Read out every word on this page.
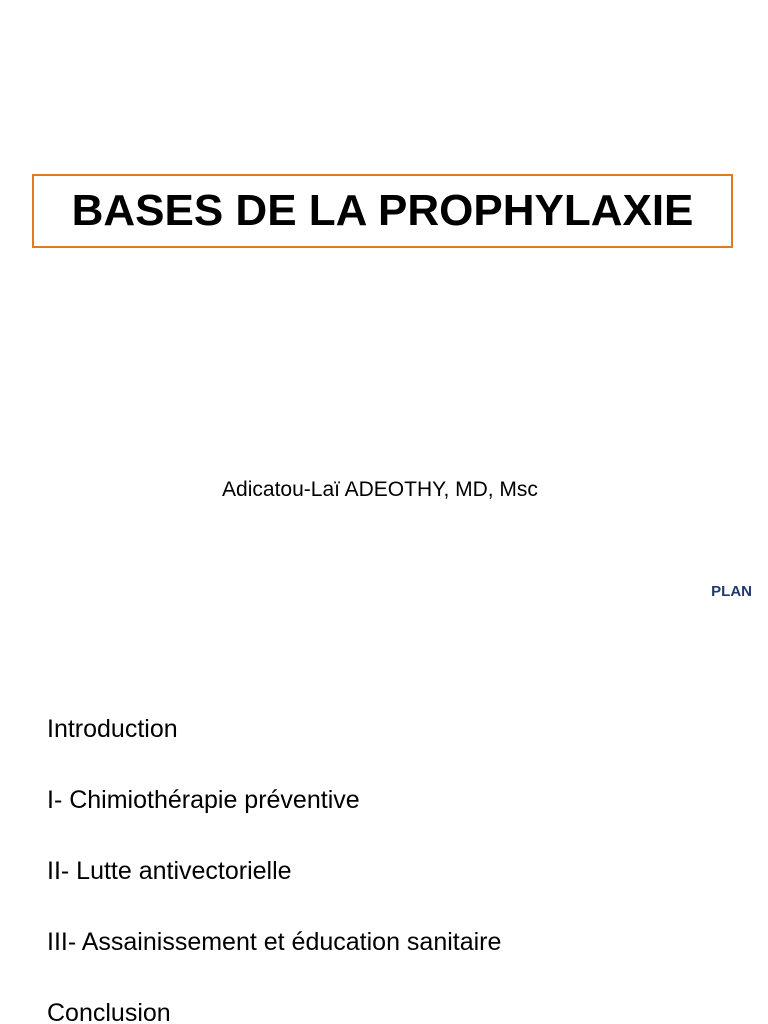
BASES DE LA PROPHYLAXIE
Adicatou-Laï ADEOTHY, MD, Msc
PLAN
Introduction
I- Chimiothérapie préventive
II- Lutte antivectorielle
III- Assainissement et éducation sanitaire
Conclusion
